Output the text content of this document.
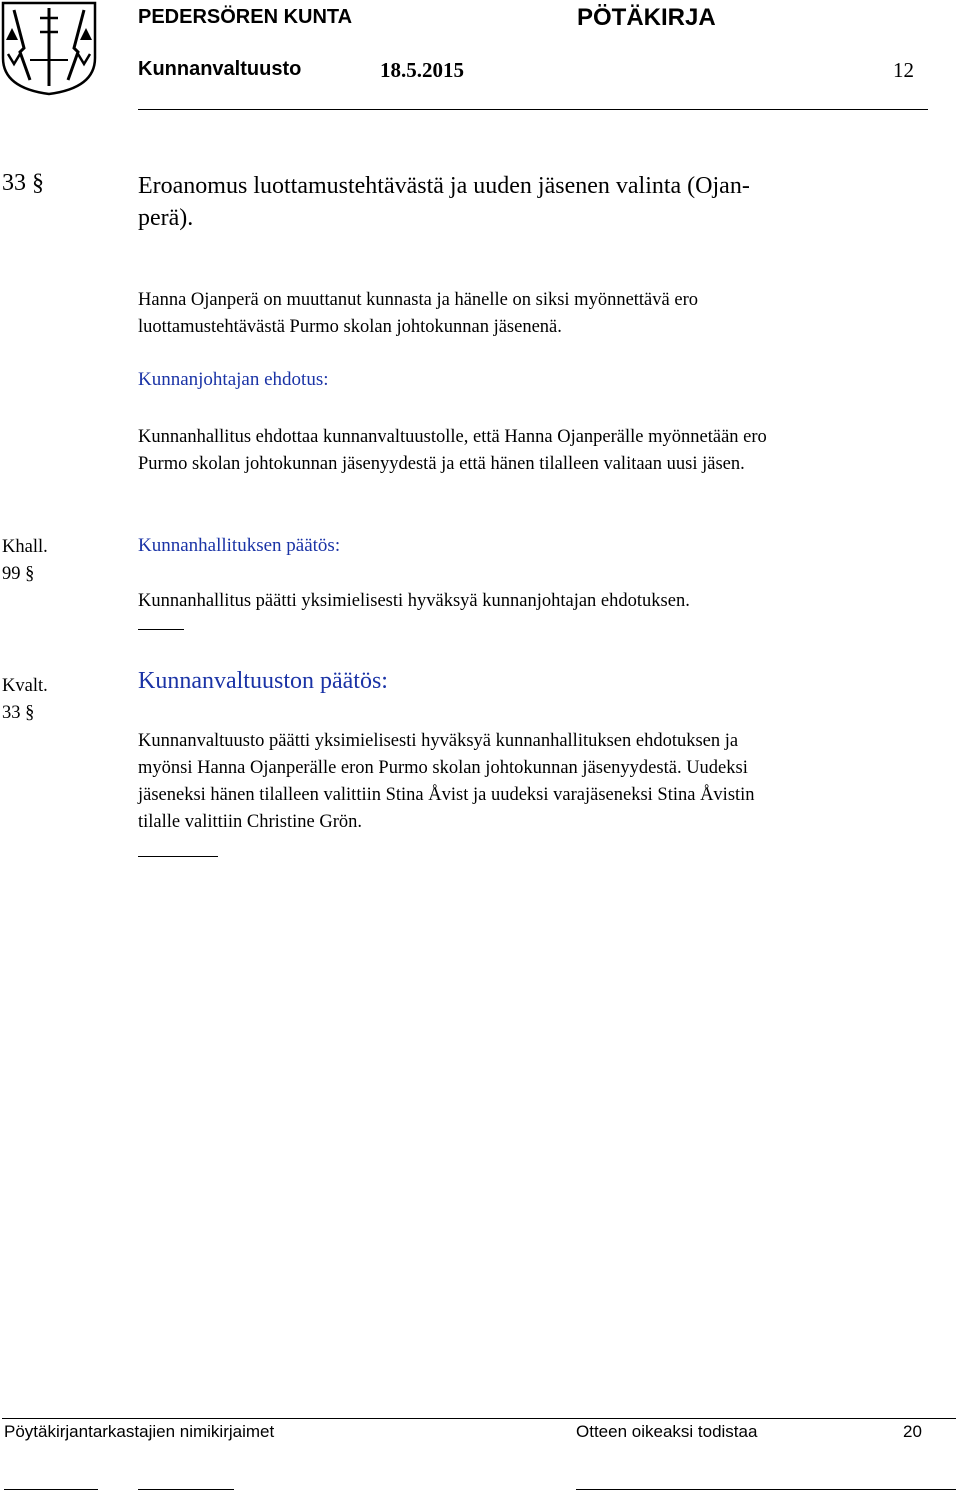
PEDERSÖREN KUNTA	PÖTÄKIRJA
Kunnanvaltuusto	18.5.2015	12
33 §	Eroanomus luottamustehtävästä ja uuden jäsenen valinta (Ojan-
perä).
Hanna Ojanperä on muuttanut kunnasta ja hänelle on siksi myönnettävä ero
luottamustehtävästä Purmo skolan johtokunnan jäsenenä.
Kunnanjohtajan ehdotus:
Kunnanhallitus ehdottaa kunnanvaltuustolle, että Hanna Ojanperälle myönnetään ero
Purmo skolan johtokunnan jäsenyydestä ja että hänen tilalleen valitaan uusi jäsen.
Khall.
99 §
Kunnanhallituksen päätös:
Kunnanhallitus päätti yksimielisesti hyväksyä kunnanjohtajan ehdotuksen.
Kvalt.
33 §
Kunnanvaltuuston päätös:
Kunnanvaltuusto päätti yksimielisesti hyväksyä kunnanhallituksen ehdotuksen ja
myönsi Hanna Ojanperälle eron Purmo skolan johtokunnan jäsenyydestä. Uudeksi
jäseneksi hänen tilalleen valittiin Stina Åvist ja uudeksi varajäseneksi Stina Åvistin
tilalle valittiin Christine Grön.
Pöytäkirjantarkastajien nimikirjaimet	Otteen oikeaksi todistaa	20
